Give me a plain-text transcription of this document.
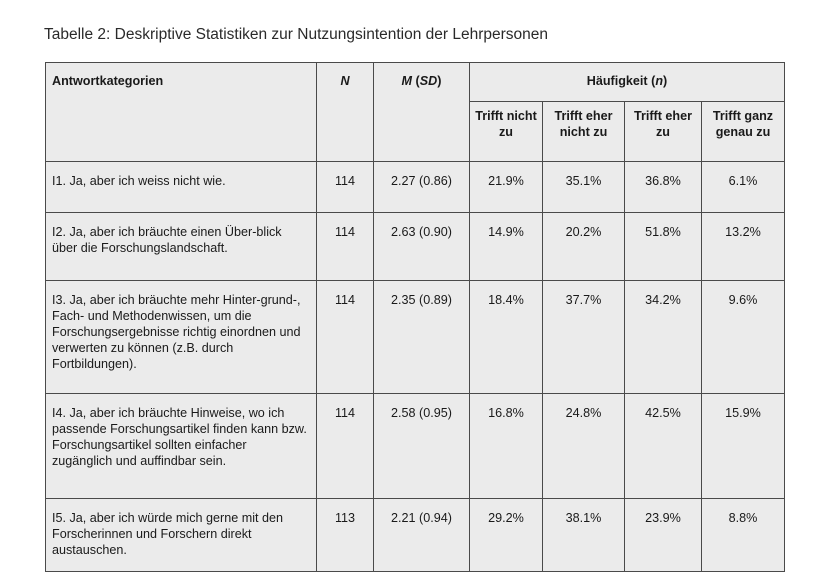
Tabelle 2: Deskriptive Statistiken zur Nutzungsintention der Lehrpersonen
Antwortkategorien	N	M (SD)	Häufigkeit (n)			
			Trifft nicht zu	Trifft eher nicht zu	Trifft eher zu	Trifft ganz genau zu
I1. Ja, aber ich weiss nicht wie.	114	2.27 (0.86)	21.9%	35.1%	36.8%	6.1%
I2. Ja, aber ich bräuchte einen Über-blick über die Forschungslandschaft.	114	2.63 (0.90)	14.9%	20.2%	51.8%	13.2%
I3. Ja, aber ich bräuchte mehr Hinter-grund-, Fach- und Methodenwissen, um die Forschungsergebnisse richtig einordnen und verwerten zu können (z.B. durch Fortbildungen).	114	2.35 (0.89)	18.4%	37.7%	34.2%	9.6%
I4. Ja, aber ich bräuchte Hinweise, wo ich passende Forschungsartikel finden kann bzw. Forschungsartikel sollten einfacher zugänglich und auffindbar sein.	114	2.58 (0.95)	16.8%	24.8%	42.5%	15.9%
I5. Ja, aber ich würde mich gerne mit den Forscherinnen und Forschern direkt austauschen.	113	2.21 (0.94)	29.2%	38.1%	23.9%	8.8%
